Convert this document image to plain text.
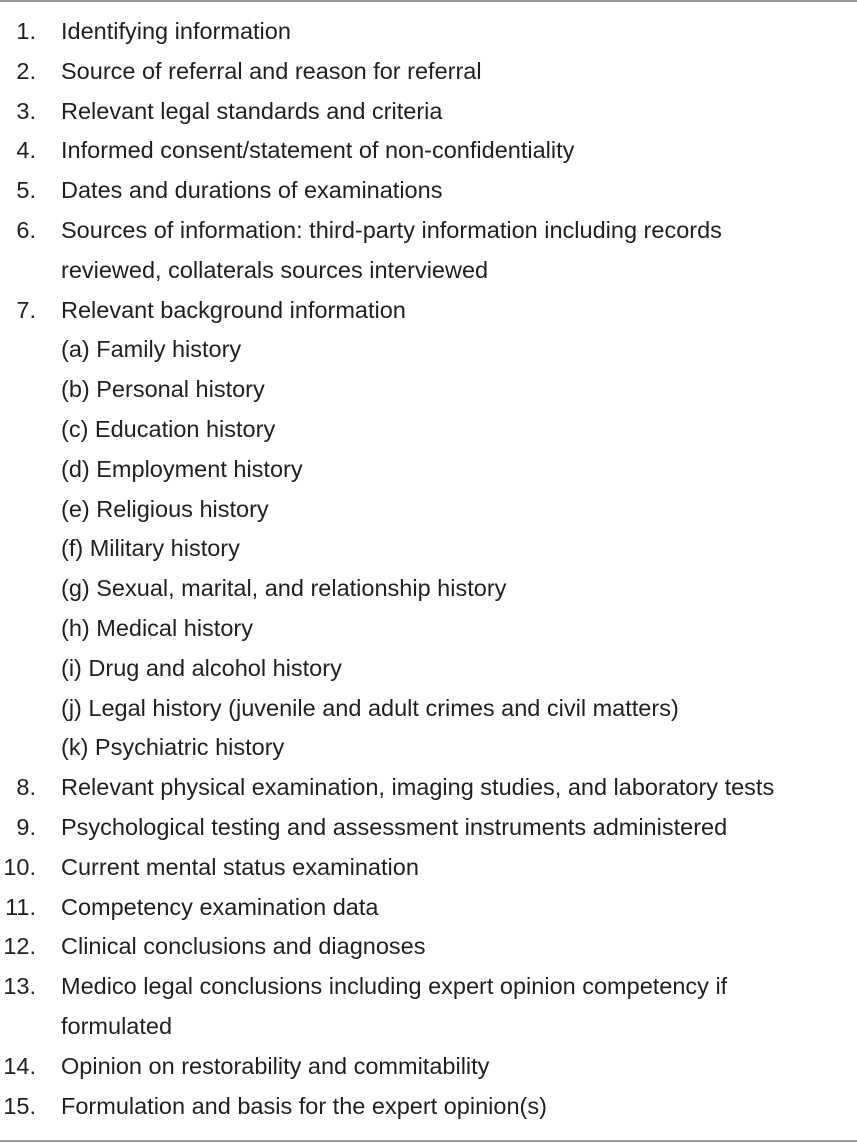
1. Identifying information
2. Source of referral and reason for referral
3. Relevant legal standards and criteria
4. Informed consent/statement of non-confidentiality
5. Dates and durations of examinations
6. Sources of information: third-party information including records
reviewed, collaterals sources interviewed
7. Relevant background information
(a) Family history
(b) Personal history
(c) Education history
(d) Employment history
(e) Religious history
(f) Military history
(g) Sexual, marital, and relationship history
(h) Medical history
(i) Drug and alcohol history
(j) Legal history (juvenile and adult crimes and civil matters)
(k) Psychiatric history
8. Relevant physical examination, imaging studies, and laboratory tests
9. Psychological testing and assessment instruments administered
10. Current mental status examination
11. Competency examination data
12. Clinical conclusions and diagnoses
13. Medico legal conclusions including expert opinion competency if
formulated
14. Opinion on restorability and commitability
15. Formulation and basis for the expert opinion(s)
